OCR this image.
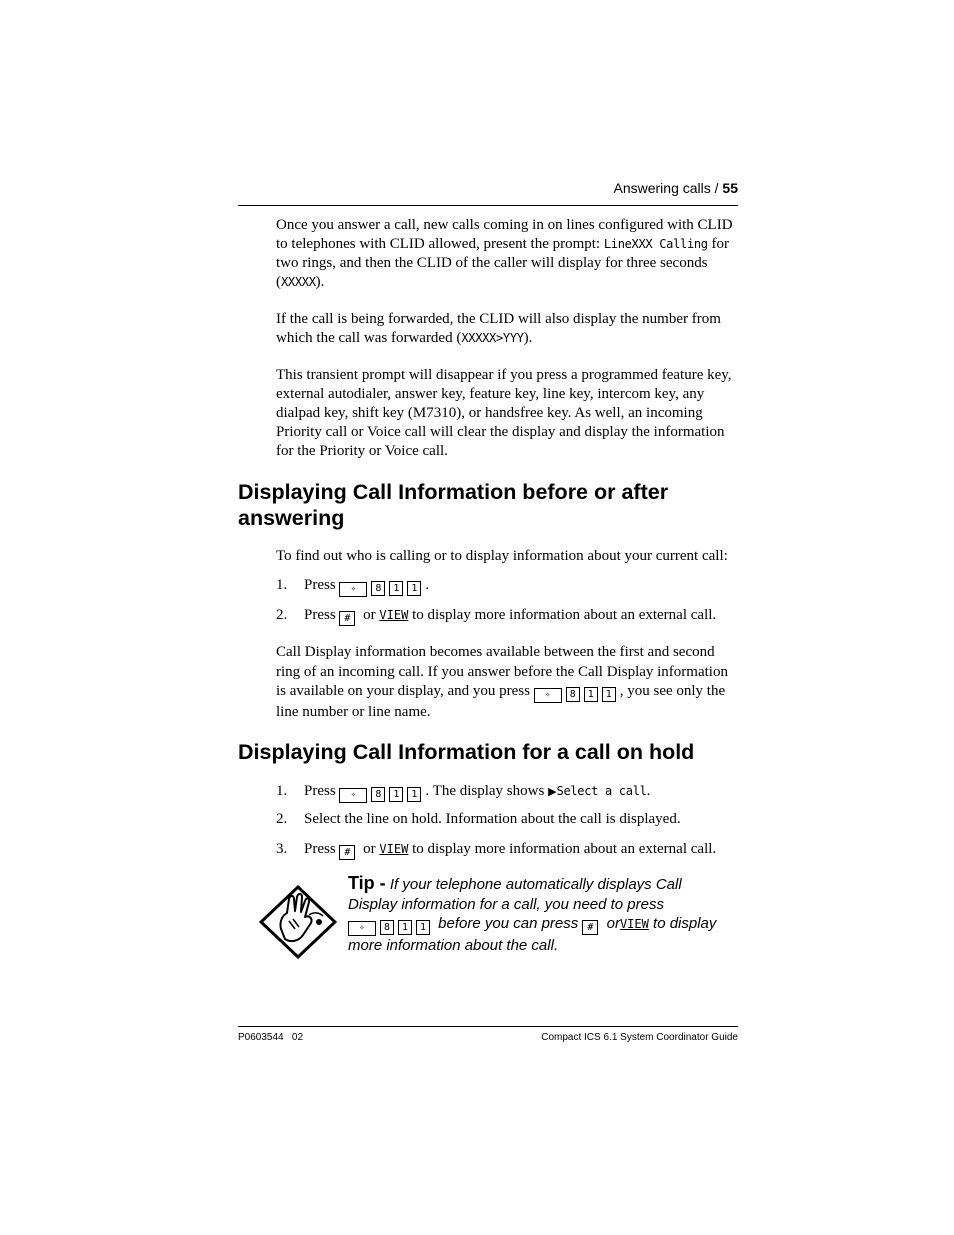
Answering calls / 55

Once you answer a call, new calls coming in on lines configured with CLID to telephones with CLID allowed, present the prompt: LineXXX Calling for two rings, and then the CLID of the caller will display for three seconds (XXXXX).

If the call is being forwarded, the CLID will also display the number from which the call was forwarded (XXXXX>YYY).

This transient prompt will disappear if you press a programmed feature key, external autodialer, answer key, feature key, line key, intercom key, any dialpad key, shift key (M7310), or handsfree key. As well, an incoming Priority call or Voice call will clear the display and display the information for the Priority or Voice call.

Displaying Call Information before or after answering

To find out who is calling or to display information about your current call:

1. Press ✧ 8 1 1 .
2. Press # or VIEW to display more information about an external call.

Call Display information becomes available between the first and second ring of an incoming call. If you answer before the Call Display information is available on your display, and you press ✧ 8 1 1 , you see only the line number or line name.

Displaying Call Information for a call on hold
1. Press ✧ 8 1 1 . The display shows ▶Select a call.
2. Select the line on hold. Information about the call is displayed.
3. Press # or VIEW to display more information about an external call.
Tip - If your telephone automatically displays Call Display information for a call, you need to press
✧ 8 1 1 before you can press # orVIEW to display more information about the call.
P0603544   02	Compact ICS 6.1 System Coordinator Guide
